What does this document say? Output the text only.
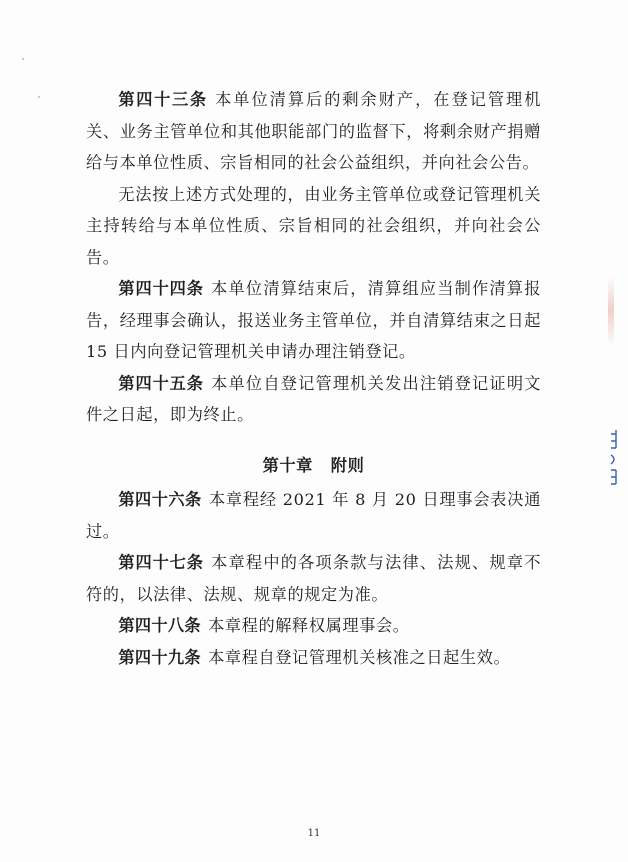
第四十三条 本单位清算后的剩余财产，在登记管理机关、业务主管单位和其他职能部门的监督下，将剩余财产捐赠给与本单位性质、宗旨相同的社会公益组织，并向社会公告。

无法按上述方式处理的，由业务主管单位或登记管理机关主持转给与本单位性质、宗旨相同的社会组织，并向社会公告。

第四十四条 本单位清算结束后，清算组应当制作清算报告，经理事会确认，报送业务主管单位，并自清算结束之日起 15 日内向登记管理机关申请办理注销登记。

第四十五条 本单位自登记管理机关发出注销登记证明文件之日起，即为终止。

第十章 附则

第四十六条 本章程经 2021 年 8 月 20 日理事会表决通过。

第四十七条 本章程中的各项条款与法律、法规、规章不符的，以法律、法规、规章的规定为准。

第四十八条 本章程的解释权属理事会。

第四十九条 本章程自登记管理机关核准之日起生效。

11
